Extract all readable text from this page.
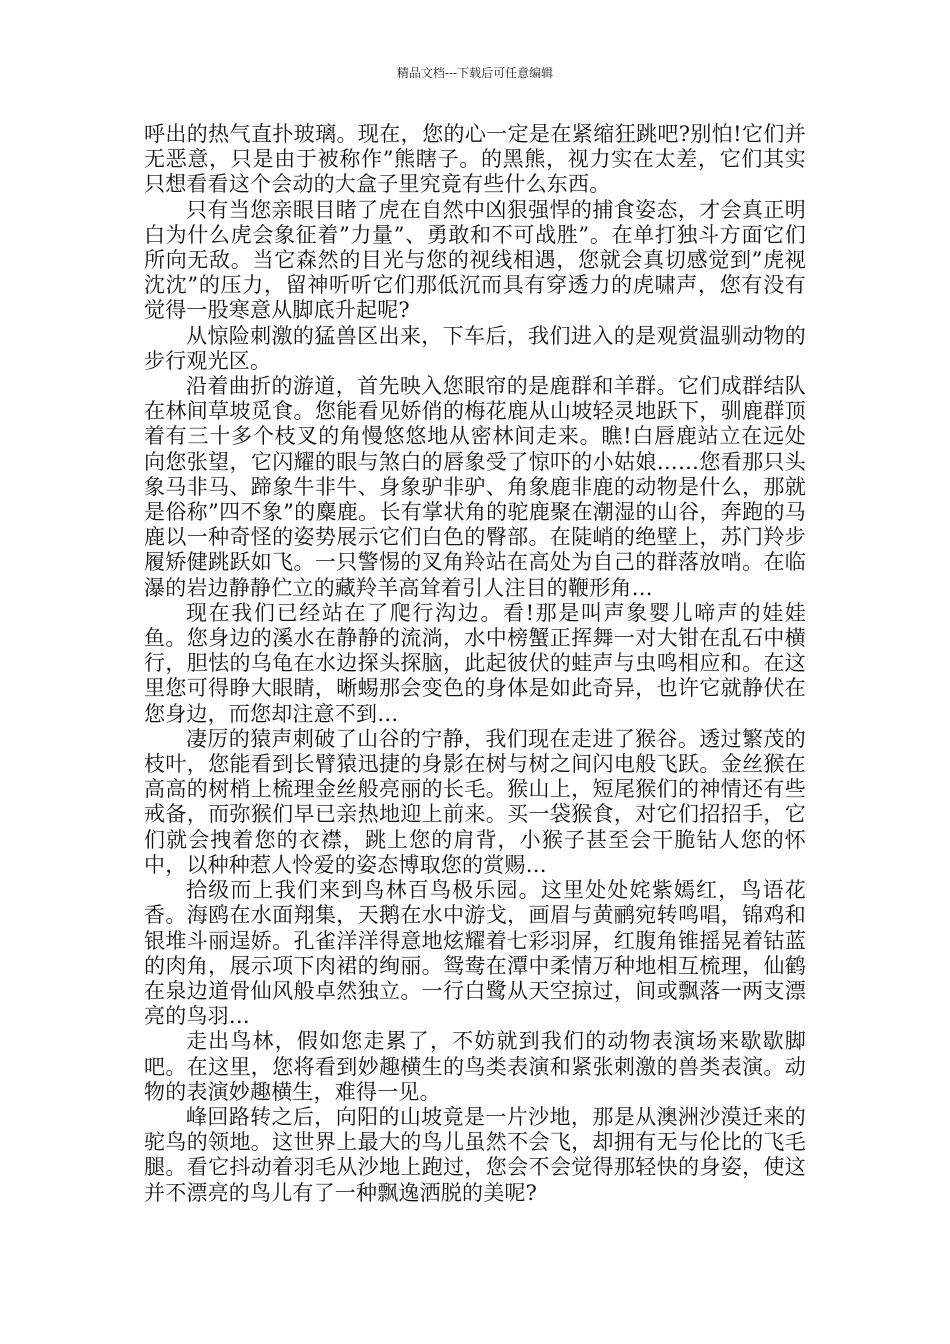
精品文档---下载后可任意编辑

呼出的热气直扑玻璃。现在，您的心一定是在紧缩狂跳吧?别怕!它们并无恶意，只是由于被称作”熊瞎子。的黑熊，视力实在太差，它们其实只想看看这个会动的大盒子里究竟有些什么东西。

只有当您亲眼目睹了虎在自然中凶狠强悍的捕食姿态，才会真正明白为什么虎会象征着”力量”、勇敢和不可战胜”。在单打独斗方面它们所向无敌。当它森然的目光与您的视线相遇，您就会真切感觉到”虎视沈沈”的压力，留神听听它们那低沉而具有穿透力的虎啸声，您有没有觉得一股寒意从脚底升起呢?

从惊险刺激的猛兽区出来，下车后，我们进入的是观赏温驯动物的步行观光区。

沿着曲折的游道，首先映入您眼帘的是鹿群和羊群。它们成群结队在林间草坡觅食。您能看见娇俏的梅花鹿从山坡轻灵地跃下，驯鹿群顶着有三十多个枝叉的角慢悠悠地从密林间走来。瞧!白唇鹿站立在远处向您张望，它闪耀的眼与煞白的唇象受了惊吓的小姑娘……您看那只头象马非马、蹄象牛非牛、身象驴非驴、角象鹿非鹿的动物是什么，那就是俗称”四不象”的麋鹿。长有掌状角的驼鹿聚在潮湿的山谷，奔跑的马鹿以一种奇怪的姿势展示它们白色的臀部。在陡峭的绝壁上，苏门羚步履矫健跳跃如飞。一只警惕的叉角羚站在高处为自己的群落放哨。在临瀑的岩边静静伫立的藏羚羊高耸着引人注目的鞭形角…

现在我们已经站在了爬行沟边。看!那是叫声象婴儿啼声的娃娃鱼。您身边的溪水在静静的流淌，水中榜蟹正挥舞一对大钳在乱石中横行，胆怯的乌龟在水边探头探脑，此起彼伏的蛙声与虫鸣相应和。在这里您可得睁大眼睛，晰蜴那会变色的身体是如此奇异，也许它就静伏在您身边，而您却注意不到…

凄厉的猿声刺破了山谷的宁静，我们现在走进了猴谷。透过繁茂的枝叶，您能看到长臂猿迅捷的身影在树与树之间闪电般飞跃。金丝猴在高高的树梢上梳理金丝般亮丽的长毛。猴山上，短尾猴们的神情还有些戒备，而弥猴们早已亲热地迎上前来。买一袋猴食，对它们招招手，它们就会拽着您的衣襟，跳上您的肩背，小猴子甚至会干脆钻人您的怀中，以种种惹人怜爱的姿态博取您的赏赐…

拾级而上我们来到鸟林百鸟极乐园。这里处处姹紫嫣红，鸟语花香。海鸥在水面翔集，天鹅在水中游戈，画眉与黄鹂宛转鸣唱，锦鸡和银堆斗丽逞娇。孔雀洋洋得意地炫耀着七彩羽屏，红腹角锥摇晃着钴蓝的肉角，展示项下肉裙的绚丽。鸳鸯在潭中柔情万种地相互梳理，仙鹤在泉边道骨仙风般卓然独立。一行白鹭从天空掠过，间或飘落一两支漂亮的鸟羽…

走出鸟林，假如您走累了，不妨就到我们的动物表演场来歇歇脚吧。在这里，您将看到妙趣横生的鸟类表演和紧张刺激的兽类表演。动物的表演妙趣横生，难得一见。

峰回路转之后，向阳的山坡竟是一片沙地，那是从澳洲沙漠迁来的驼鸟的领地。这世界上最大的鸟儿虽然不会飞，却拥有无与伦比的飞毛腿。看它抖动着羽毛从沙地上跑过，您会不会觉得那轻快的身姿，使这并不漂亮的鸟儿有了一种飘逸洒脱的美呢?
